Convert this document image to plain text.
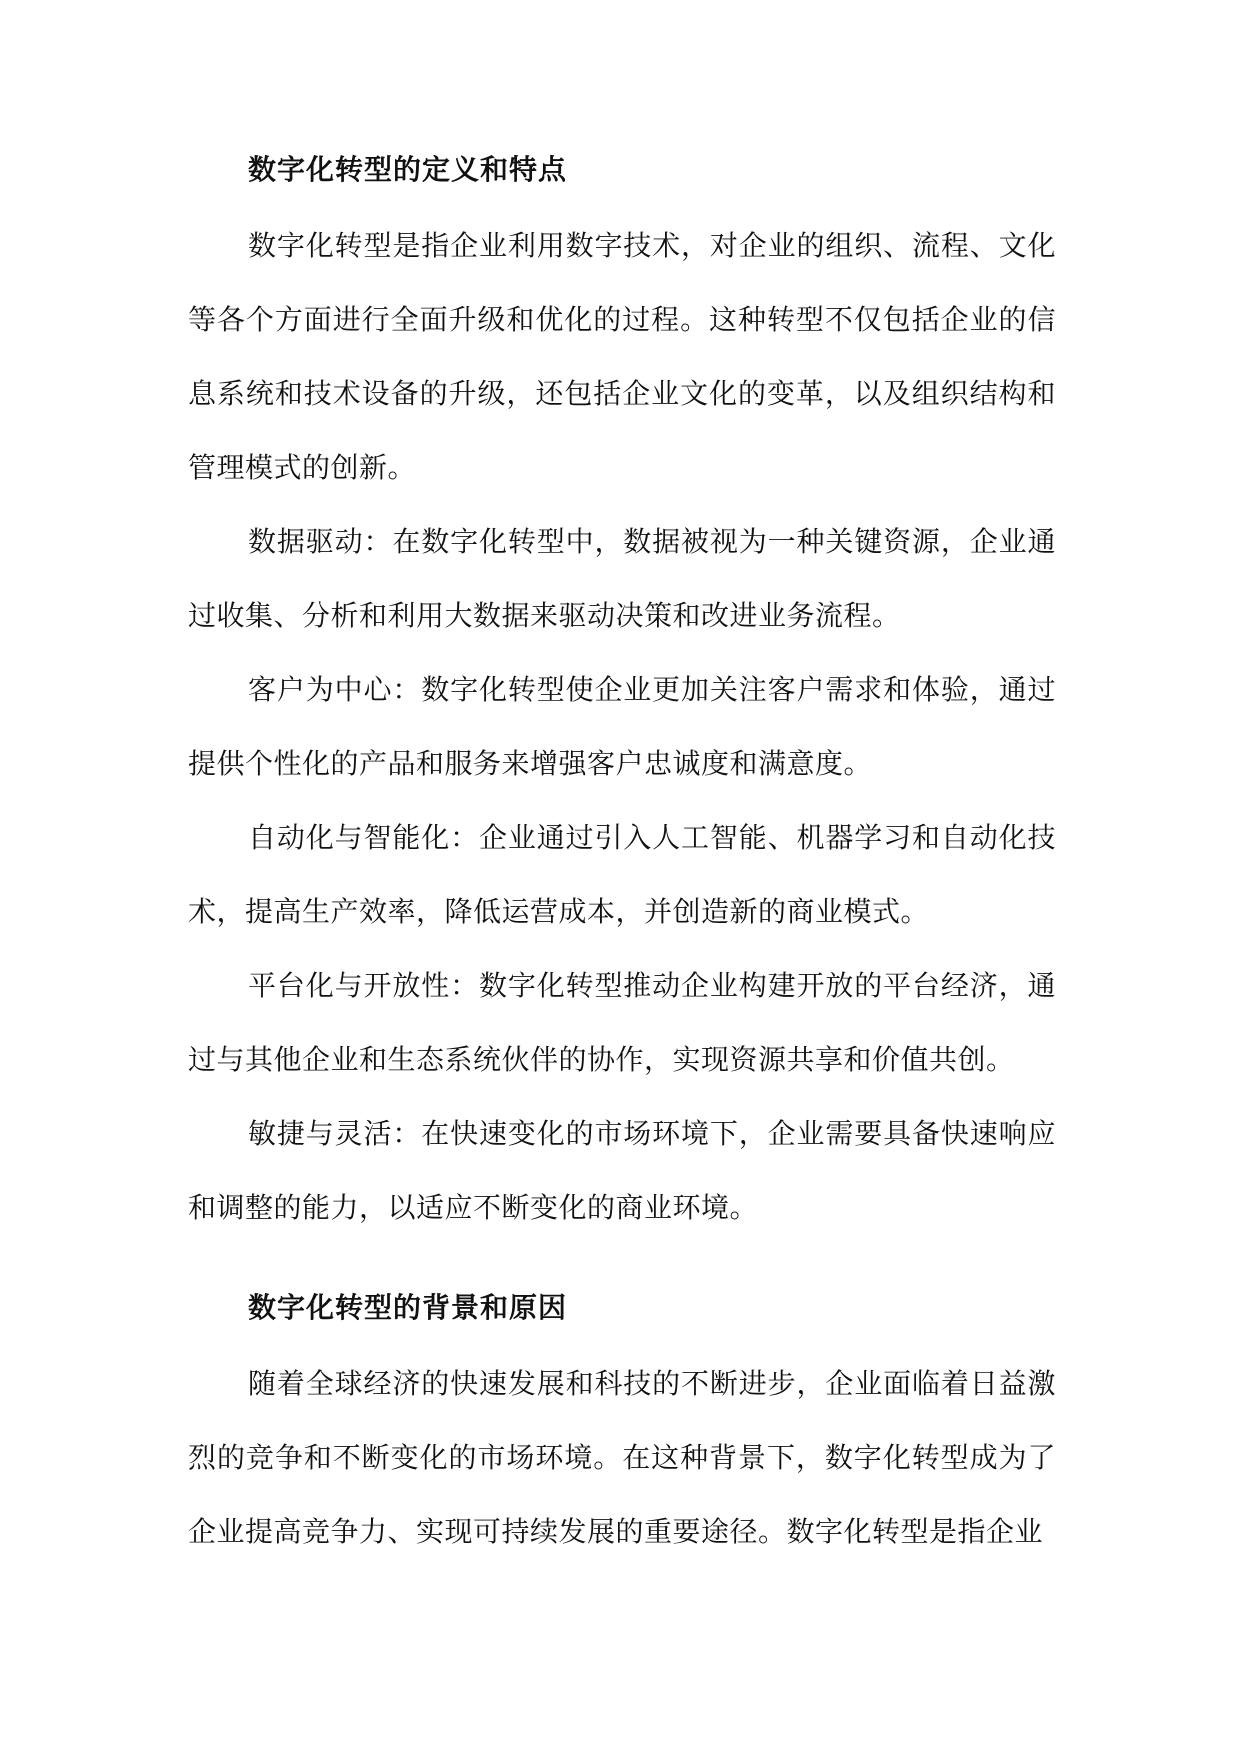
数字化转型的定义和特点

数字化转型是指企业利用数字技术，对企业的组织、流程、文化等各个方面进行全面升级和优化的过程。这种转型不仅包括企业的信息系统和技术设备的升级，还包括企业文化的变革，以及组织结构和管理模式的创新。

数据驱动：在数字化转型中，数据被视为一种关键资源，企业通过收集、分析和利用大数据来驱动决策和改进业务流程。

客户为中心：数字化转型使企业更加关注客户需求和体验，通过提供个性化的产品和服务来增强客户忠诚度和满意度。

自动化与智能化：企业通过引入人工智能、机器学习和自动化技术，提高生产效率，降低运营成本，并创造新的商业模式。

平台化与开放性：数字化转型推动企业构建开放的平台经济，通过与其他企业和生态系统伙伴的协作，实现资源共享和价值共创。

敏捷与灵活：在快速变化的市场环境下，企业需要具备快速响应和调整的能力，以适应不断变化的商业环境。

数字化转型的背景和原因

随着全球经济的快速发展和科技的不断进步，企业面临着日益激烈的竞争和不断变化的市场环境。在这种背景下，数字化转型成为了企业提高竞争力、实现可持续发展的重要途径。数字化转型是指企业
